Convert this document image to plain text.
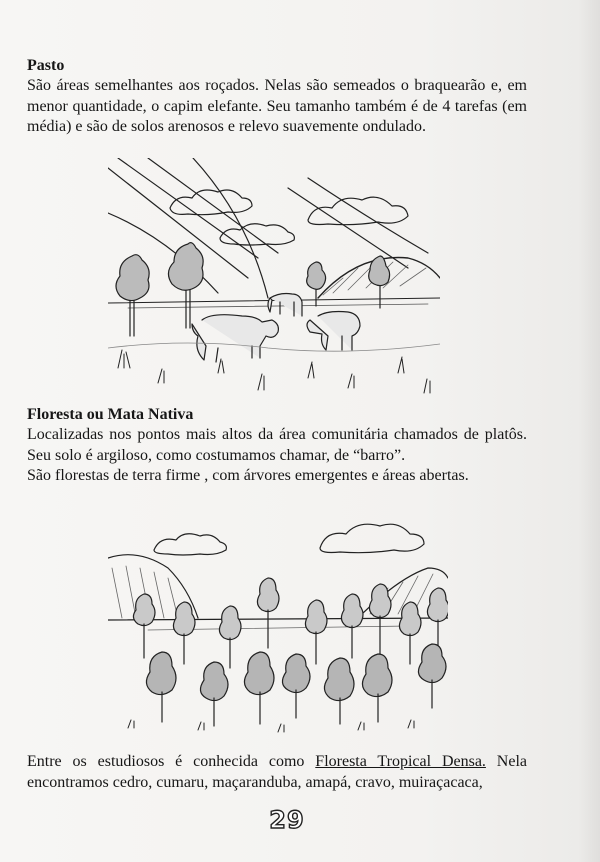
Pasto

São áreas semelhantes aos roçados. Nelas são semeados o braquearão e, em menor quantidade, o capim elefante. Seu tamanho também é de 4 tarefas (em média) e são de solos arenosos e relevo suavemente ondulado.

Floresta ou Mata Nativa

Localizadas nos pontos mais altos da área comunitária chamados de platôs. Seu solo é argiloso, como costumamos chamar, de “barro”.

São florestas de terra firme , com árvores emergentes e áreas abertas.

Entre os estudiosos é conhecida como Floresta Tropical Densa. Nela encontramos cedro, cumaru, maçaranduba, amapá, cravo, muiraçacaca,

29
